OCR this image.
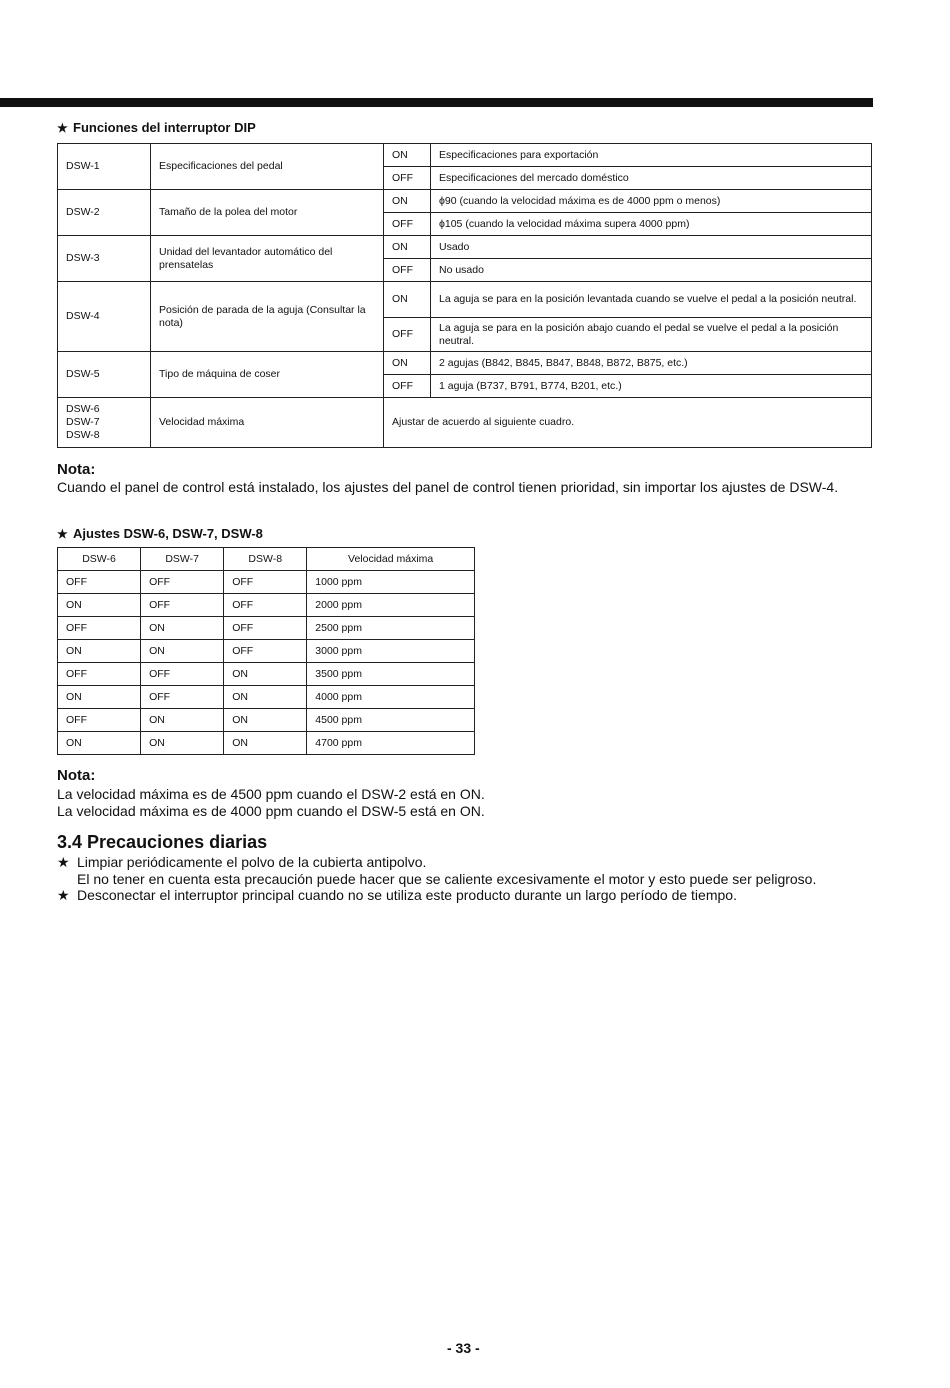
★ Funciones del interruptor DIP
DSW-1	Especificaciones del pedal	ON	Especificaciones para exportación
		OFF	Especificaciones del mercado doméstico
DSW-2	Tamaño de la polea del motor	ON	ϕ90 (cuando la velocidad máxima es de 4000 ppm o menos)
		OFF	ϕ105 (cuando la velocidad máxima supera 4000 ppm)
DSW-3	Unidad del levantador automático del prensatelas	ON	Usado
		OFF	No usado
DSW-4	Posición de parada de la aguja (Consultar la nota)	ON	La aguja se para en la posición levantada cuando se vuelve el pedal a la posición neutral.
		OFF	La aguja se para en la posición abajo cuando el pedal se vuelve el pedal a la posición neutral.
DSW-5	Tipo de máquina de coser	ON	2 agujas (B842, B845, B847, B848, B872, B875, etc.)
		OFF	1 aguja (B737, B791, B774, B201, etc.)

DSW-6
DSW-7
DSW-8	Velocidad máxima	Ajustar de acuerdo al siguiente cuadro.	
Nota:
Cuando el panel de control está instalado, los ajustes del panel de control tienen prioridad, sin importar los ajustes de DSW-4.
★ Ajustes DSW-6, DSW-7, DSW-8
DSW-6	DSW-7	DSW-8	Velocidad máxima
OFF	OFF	OFF	1000 ppm
ON	OFF	OFF	2000 ppm
OFF	ON	OFF	2500 ppm
ON	ON	OFF	3000 ppm
OFF	OFF	ON	3500 ppm
ON	OFF	ON	4000 ppm
OFF	ON	ON	4500 ppm
ON	ON	ON	4700 ppm
Nota:
La velocidad máxima es de 4500 ppm cuando el DSW-2 está en ON.
La velocidad máxima es de 4000 ppm cuando el DSW-5 está en ON.
3.4 Precauciones diarias
★ Limpiar periódicamente el polvo de la cubierta antipolvo.
El no tener en cuenta esta precaución puede hacer que se caliente excesivamente el motor y esto puede ser peligroso.
★ Desconectar el interruptor principal cuando no se utiliza este producto durante un largo período de tiempo.
- 33 -
